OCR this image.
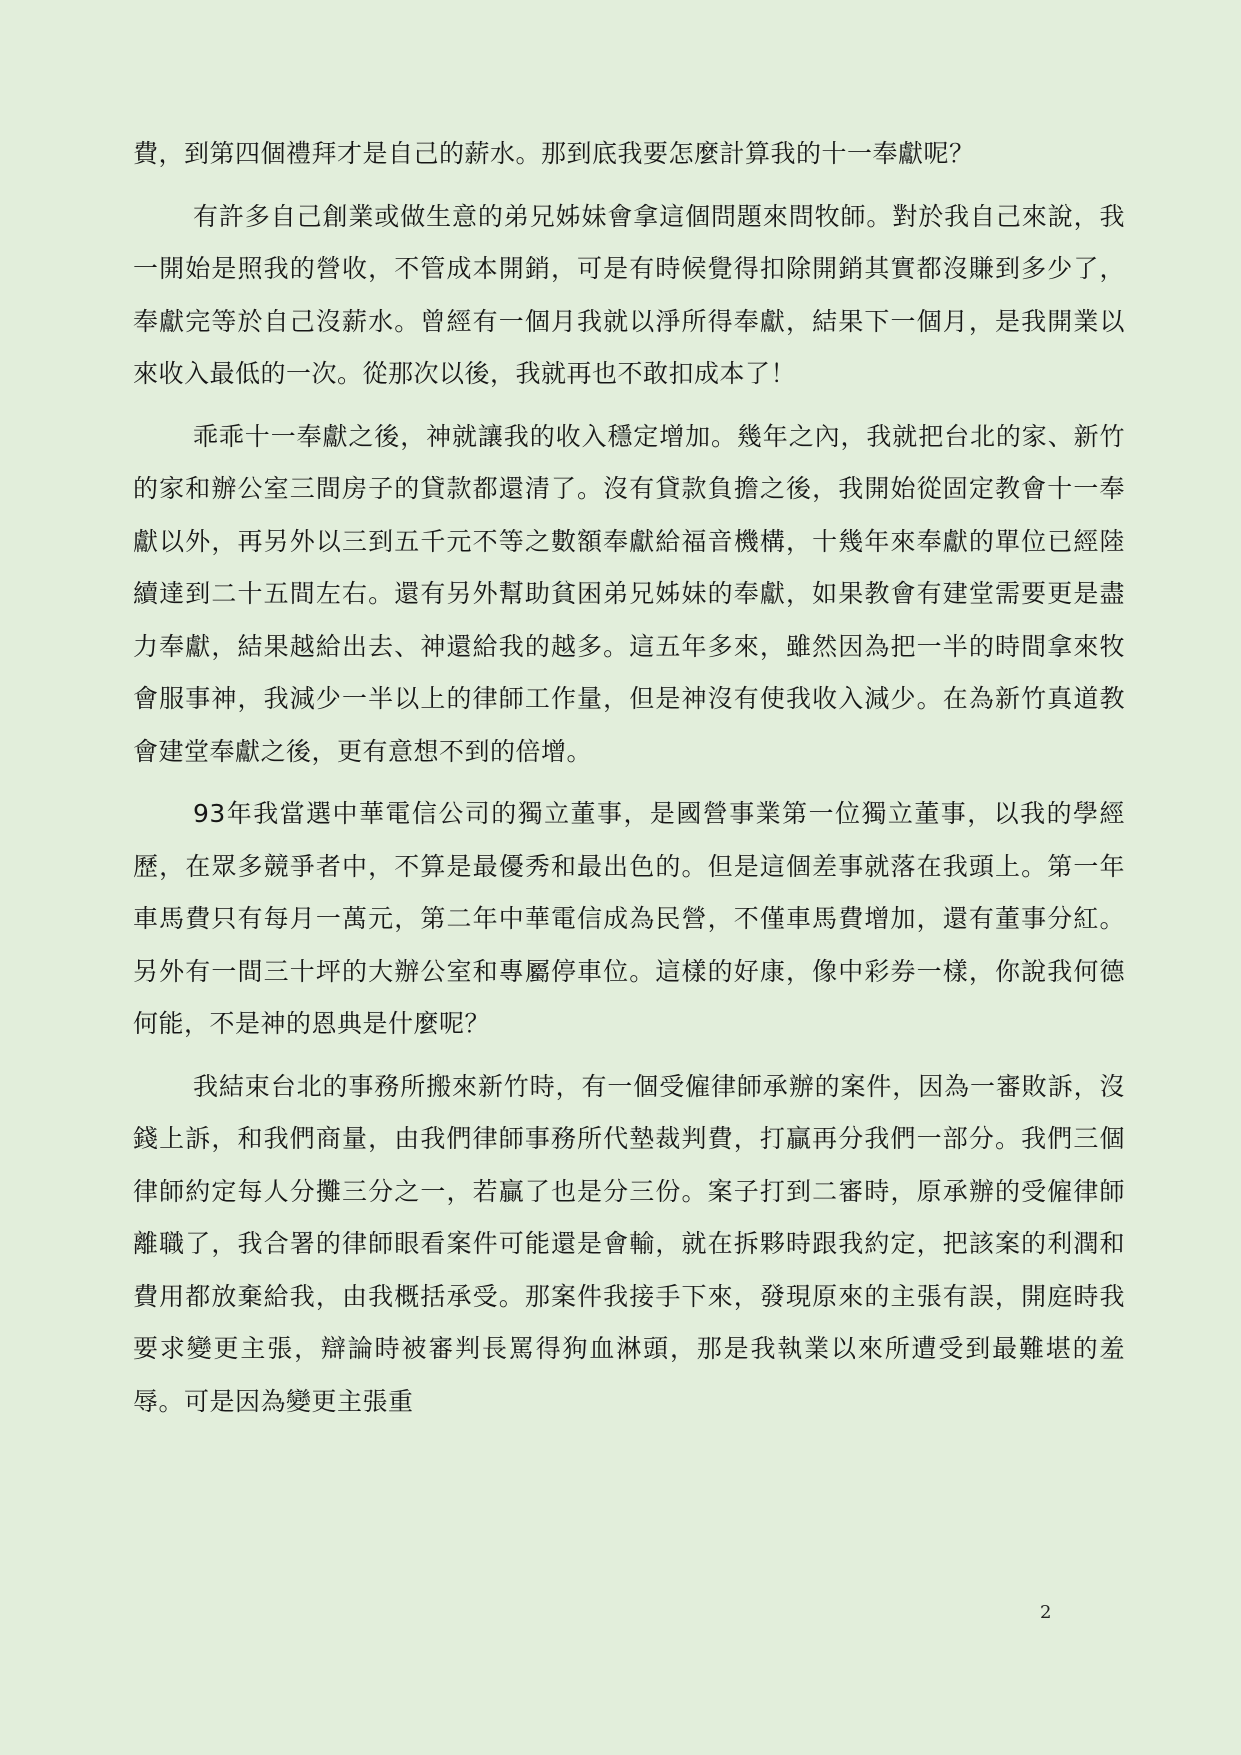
費，到第四個禮拜才是自己的薪水。那到底我要怎麼計算我的十一奉獻呢？

有許多自己創業或做生意的弟兄姊妹會拿這個問題來問牧師。對於我自己來說，我一開始是照我的營收，不管成本開銷，可是有時候覺得扣除開銷其實都沒賺到多少了，奉獻完等於自己沒薪水。曾經有一個月我就以淨所得奉獻，結果下一個月，是我開業以來收入最低的一次。從那次以後，我就再也不敢扣成本了！

乖乖十一奉獻之後，神就讓我的收入穩定增加。幾年之內，我就把台北的家、新竹的家和辦公室三間房子的貸款都還清了。沒有貸款負擔之後，我開始從固定教會十一奉獻以外，再另外以三到五千元不等之數額奉獻給福音機構，十幾年來奉獻的單位已經陸續達到二十五間左右。還有另外幫助貧困弟兄姊妹的奉獻，如果教會有建堂需要更是盡力奉獻，結果越給出去、神還給我的越多。這五年多來，雖然因為把一半的時間拿來牧會服事神，我減少一半以上的律師工作量，但是神沒有使我收入減少。在為新竹真道教會建堂奉獻之後，更有意想不到的倍增。

93年我當選中華電信公司的獨立董事，是國營事業第一位獨立董事，以我的學經歷，在眾多競爭者中，不算是最優秀和最出色的。但是這個差事就落在我頭上。第一年車馬費只有每月一萬元，第二年中華電信成為民營，不僅車馬費增加，還有董事分紅。另外有一間三十坪的大辦公室和專屬停車位。這樣的好康，像中彩券一樣，你說我何德何能，不是神的恩典是什麼呢？

我結束台北的事務所搬來新竹時，有一個受僱律師承辦的案件，因為一審敗訴，沒錢上訴，和我們商量，由我們律師事務所代墊裁判費，打贏再分我們一部分。我們三個律師約定每人分攤三分之一，若贏了也是分三份。案子打到二審時，原承辦的受僱律師離職了，我合署的律師眼看案件可能還是會輸，就在拆夥時跟我約定，把該案的利潤和費用都放棄給我，由我概括承受。那案件我接手下來，發現原來的主張有誤，開庭時我要求變更主張，辯論時被審判長罵得狗血淋頭，那是我執業以來所遭受到最難堪的羞辱。可是因為變更主張重

2
